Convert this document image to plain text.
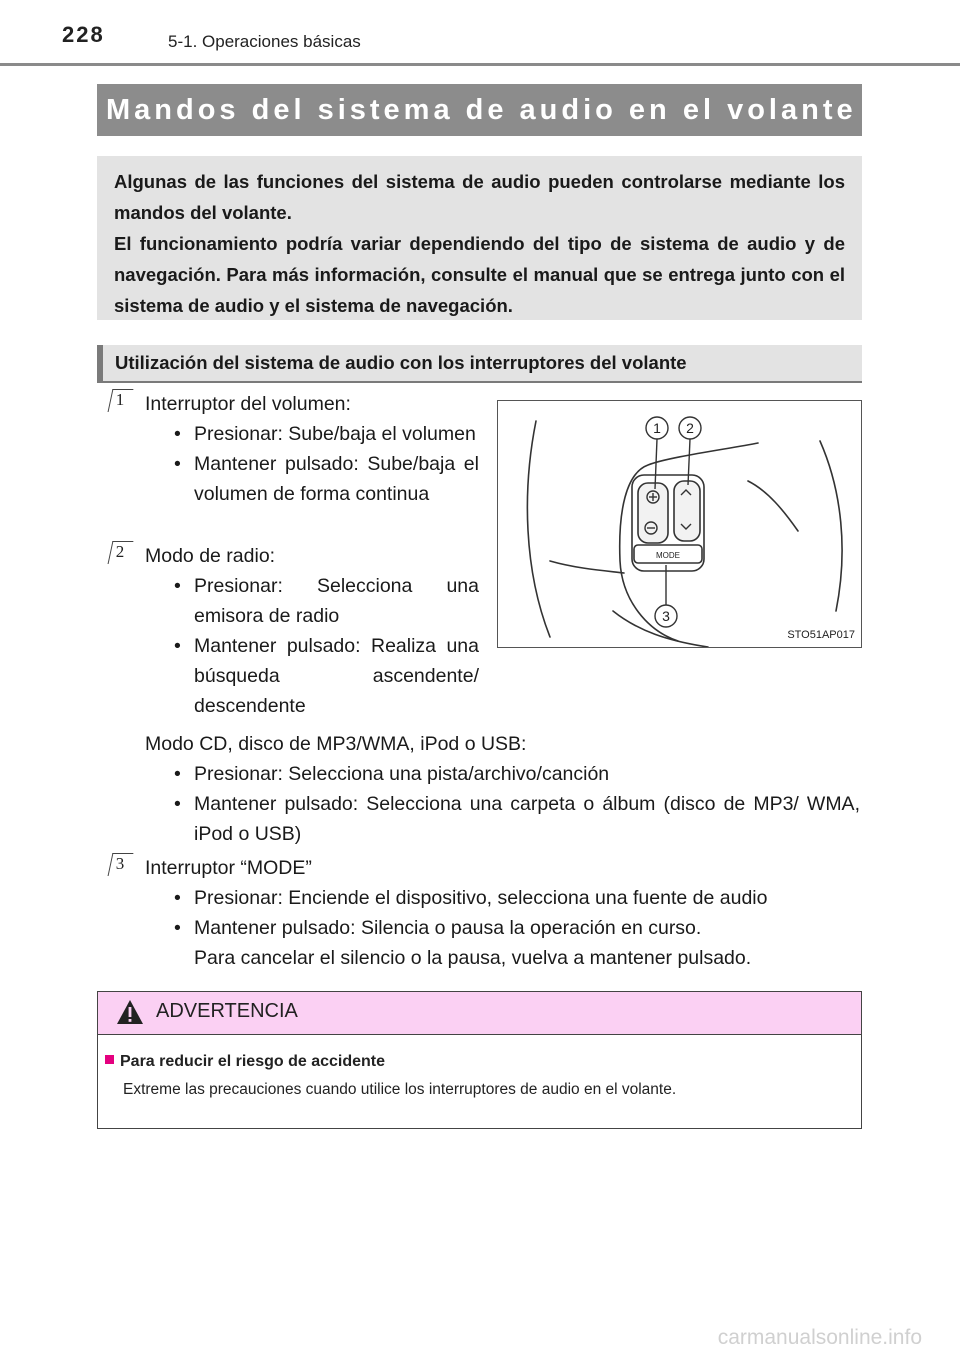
228	5-1. Operaciones básicas
Mandos del sistema de audio en el volante

Algunas de las funciones del sistema de audio pueden controlarse mediante los mandos del volante.

El funcionamiento podría variar dependiendo del tipo de sistema de audio y de navegación. Para más información, consulte el manual que se entrega junto con el sistema de audio y el sistema de navegación.

Utilización del sistema de audio con los interruptores del volante
1 Interruptor del volumen:

• Presionar: Sube/baja el volumen
• Mantener pulsado: Sube/baja el volumen de forma continua
2 Modo de radio:

• Presionar: Selecciona una emisora de radio
• Mantener pulsado: Realiza una búsqueda ascendente/ descendente

Modo CD, disco de MP3/WMA, iPod o USB:

• Presionar: Selecciona una pista/archivo/canción
• Mantener pulsado: Selecciona una carpeta o álbum (disco de MP3/ WMA, iPod o USB)
3 Interruptor “MODE”

• Presionar: Enciende el dispositivo, selecciona una fuente de audio
• Mantener pulsado: Silencia o pausa la operación en curso.
Para cancelar el silencio o la pausa, vuelva a mantener pulsado.
MODE
1 2
3
STO51AP017
ADVERTENCIA
Para reducir el riesgo de accidente
Extreme las precauciones cuando utilice los interruptores de audio en el volante.
carmanualsonline.info
